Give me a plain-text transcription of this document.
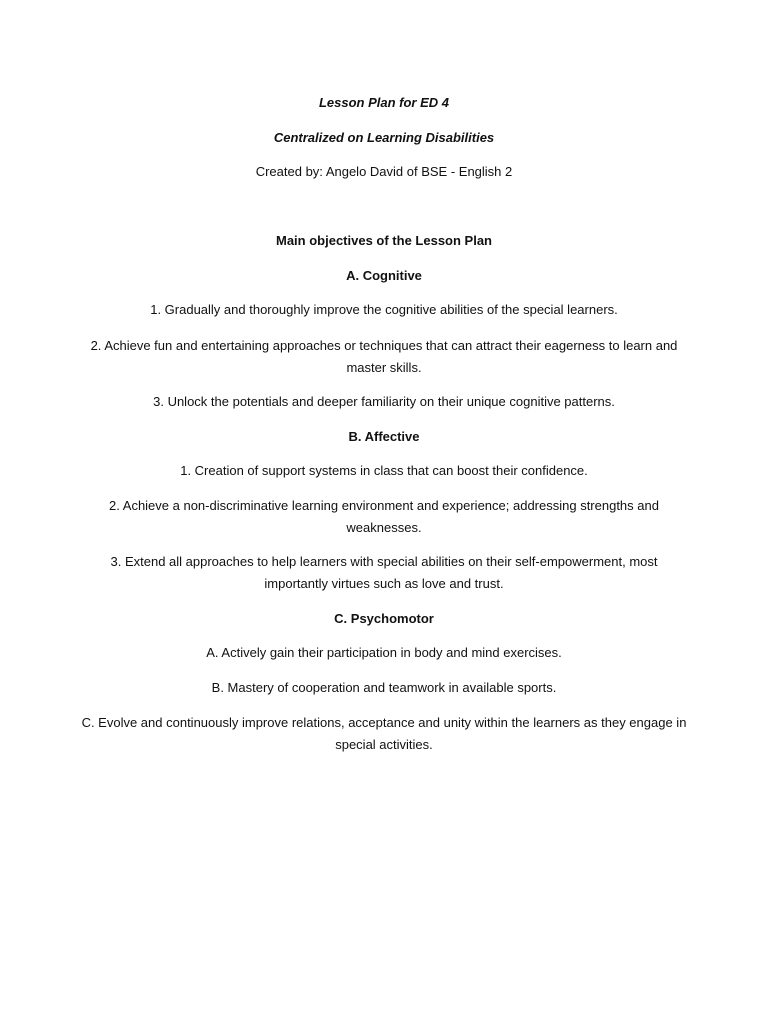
Lesson Plan for ED 4

Centralized on Learning Disabilities

Created by: Angelo David of BSE - English 2

Main objectives of the Lesson Plan

A. Cognitive

1. Gradually and thoroughly improve the cognitive abilities of the special learners.

2. Achieve fun and entertaining approaches or techniques that can attract their eagerness to learn and master skills.

3. Unlock the potentials and deeper familiarity on their unique cognitive patterns.

B. Affective

1. Creation of support systems in class that can boost their confidence.

2. Achieve a non-discriminative learning environment and experience; addressing strengths and weaknesses.

3. Extend all approaches to help learners with special abilities on their self-empowerment, most importantly virtues such as love and trust.

C. Psychomotor

A. Actively gain their participation in body and mind exercises.

B. Mastery of cooperation and teamwork in available sports.

C. Evolve and continuously improve relations, acceptance and unity within the learners as they engage in special activities.
